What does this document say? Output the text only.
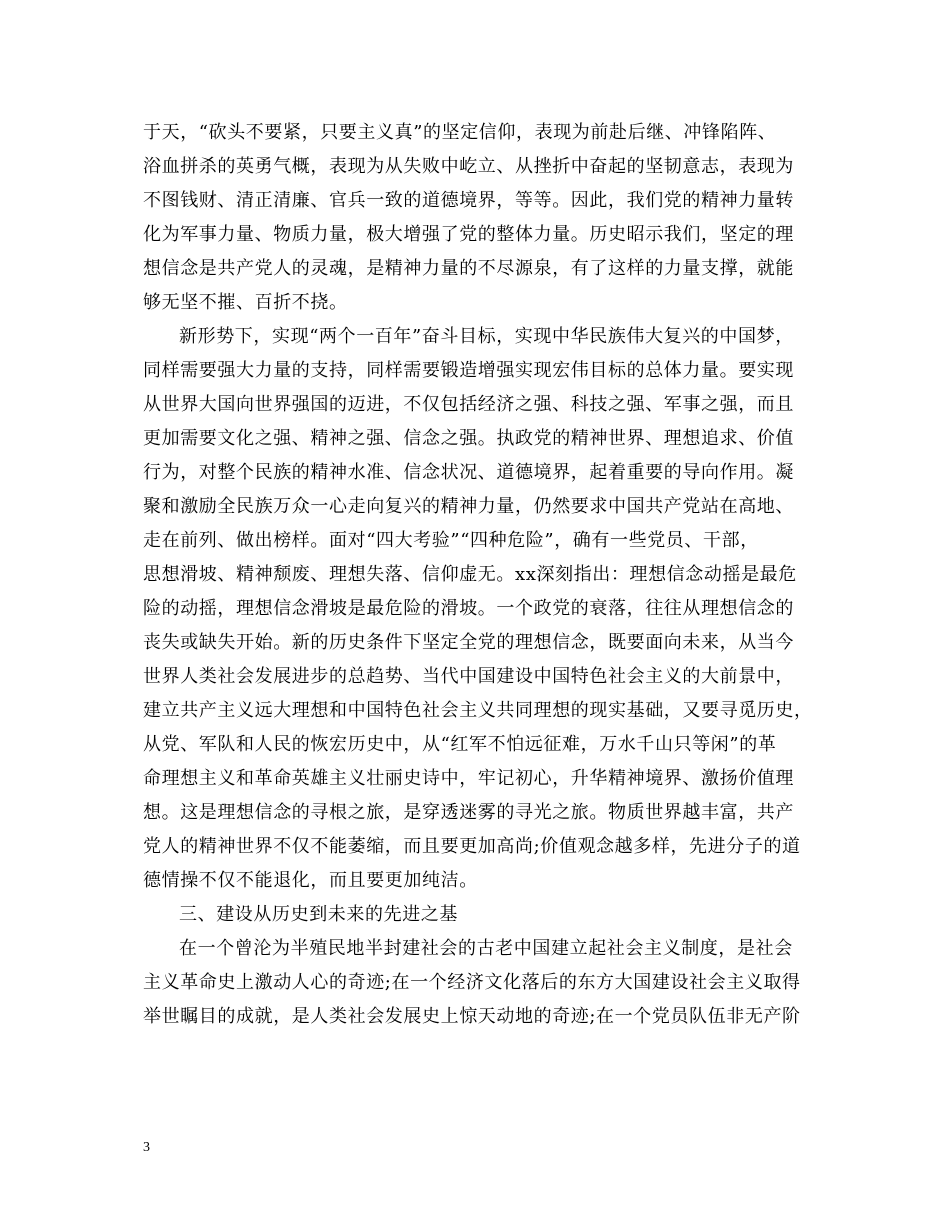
于天，“砍头不要紧，只要主义真”的坚定信仰，表现为前赴后继、冲锋陷阵、
浴血拼杀的英勇气概，表现为从失败中屹立、从挫折中奋起的坚韧意志，表现为
不图钱财、清正清廉、官兵一致的道德境界，等等。因此，我们党的精神力量转
化为军事力量、物质力量，极大增强了党的整体力量。历史昭示我们，坚定的理
想信念是共产党人的灵魂，是精神力量的不尽源泉，有了这样的力量支撑，就能
够无坚不摧、百折不挠。
新形势下，实现“两个一百年”奋斗目标，实现中华民族伟大复兴的中国梦，
同样需要强大力量的支持，同样需要锻造增强实现宏伟目标的总体力量。要实现
从世界大国向世界强国的迈进，不仅包括经济之强、科技之强、军事之强，而且
更加需要文化之强、精神之强、信念之强。执政党的精神世界、理想追求、价值
行为，对整个民族的精神水准、信念状况、道德境界，起着重要的导向作用。凝
聚和激励全民族万众一心走向复兴的精神力量，仍然要求中国共产党站在高地、
走在前列、做出榜样。面对“四大考验”“四种危险”，确有一些党员、干部，
思想滑坡、精神颓废、理想失落、信仰虚无。xx深刻指出：理想信念动摇是最危
险的动摇，理想信念滑坡是最危险的滑坡。一个政党的衰落，往往从理想信念的
丧失或缺失开始。新的历史条件下坚定全党的理想信念，既要面向未来，从当今
世界人类社会发展进步的总趋势、当代中国建设中国特色社会主义的大前景中，
建立共产主义远大理想和中国特色社会主义共同理想的现实基础，又要寻觅历史，
从党、军队和人民的恢宏历史中，从“红军不怕远征难，万水千山只等闲”的革
命理想主义和革命英雄主义壮丽史诗中，牢记初心，升华精神境界、激扬价值理
想。这是理想信念的寻根之旅，是穿透迷雾的寻光之旅。物质世界越丰富，共产
党人的精神世界不仅不能萎缩，而且要更加高尚;价值观念越多样，先进分子的道
德情操不仅不能退化，而且要更加纯洁。
三、建设从历史到未来的先进之基
在一个曾沦为半殖民地半封建社会的古老中国建立起社会主义制度，是社会
主义革命史上激动人心的奇迹;在一个经济文化落后的东方大国建设社会主义取得
举世瞩目的成就，是人类社会发展史上惊天动地的奇迹;在一个党员队伍非无产阶
3
